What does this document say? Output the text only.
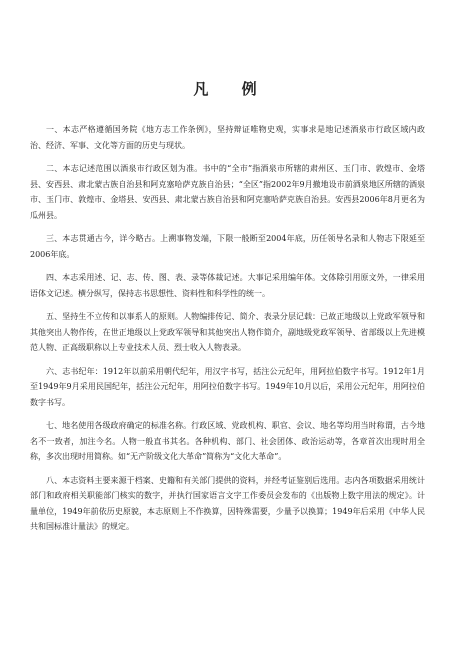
凡 例

一、本志严格遵循国务院《地方志工作条例》，坚持辩证唯物史观，实事求是地记述酒泉市行政区域内政治、经济、军事、文化等方面的历史与现状。

二、本志记述范围以酒泉市行政区划为准。书中的“全市”指酒泉市所辖的肃州区、玉门市、敦煌市、金塔县、安西县、肃北蒙古族自治县和阿克塞哈萨克族自治县；“全区”指2002年9月撤地设市前酒泉地区所辖的酒泉市、玉门市、敦煌市、金塔县、安西县、肃北蒙古族自治县和阿克塞哈萨克族自治县。安西县2006年8月更名为瓜州县。

三、本志贯通古今，详今略古。上溯事物发端，下限一般断至2004年底，历任领导名录和人物志下限延至2006年底。

四、本志采用述、记、志、传、图、表、录等体裁记述。大事记采用编年体。文体除引用原文外，一律采用语体文记述。横分纵写，保持志书思想性、资料性和科学性的统一。

五、坚持生不立传和以事系人的原则。人物编排传记、简介、表录分层记载：已故正地级以上党政军领导和其他突出人物作传，在世正地级以上党政军领导和其他突出人物作简介，副地级党政军领导、省部级以上先进模范人物、正高级职称以上专业技术人员、烈士收入人物表录。

六、志书纪年：1912年以前采用朝代纪年，用汉字书写，括注公元纪年，用阿拉伯数字书写。1912年1月至1949年9月采用民国纪年，括注公元纪年，用阿拉伯数字书写。1949年10月以后，采用公元纪年，用阿拉伯数字书写。

七、地名使用各级政府确定的标准名称。行政区域、党政机构、职官、会议、地名等均用当时称谓，古今地名不一致者，加注今名。人物一般直书其名。各种机构、部门、社会团体、政治运动等，各章首次出现时用全称，多次出现时用简称。如“无产阶级文化大革命”简称为“文化大革命”。

八、本志资料主要来源于档案、史籍和有关部门提供的资料，并经考证鉴别后选用。志内各项数据采用统计部门和政府相关职能部门核实的数字，并执行国家语言文字工作委员会发布的《出版物上数字用法的规定》。计量单位，1949年前依历史原貌，本志原则上不作换算，因特殊需要，少量予以换算；1949年后采用《中华人民共和国标准计量法》的规定。
